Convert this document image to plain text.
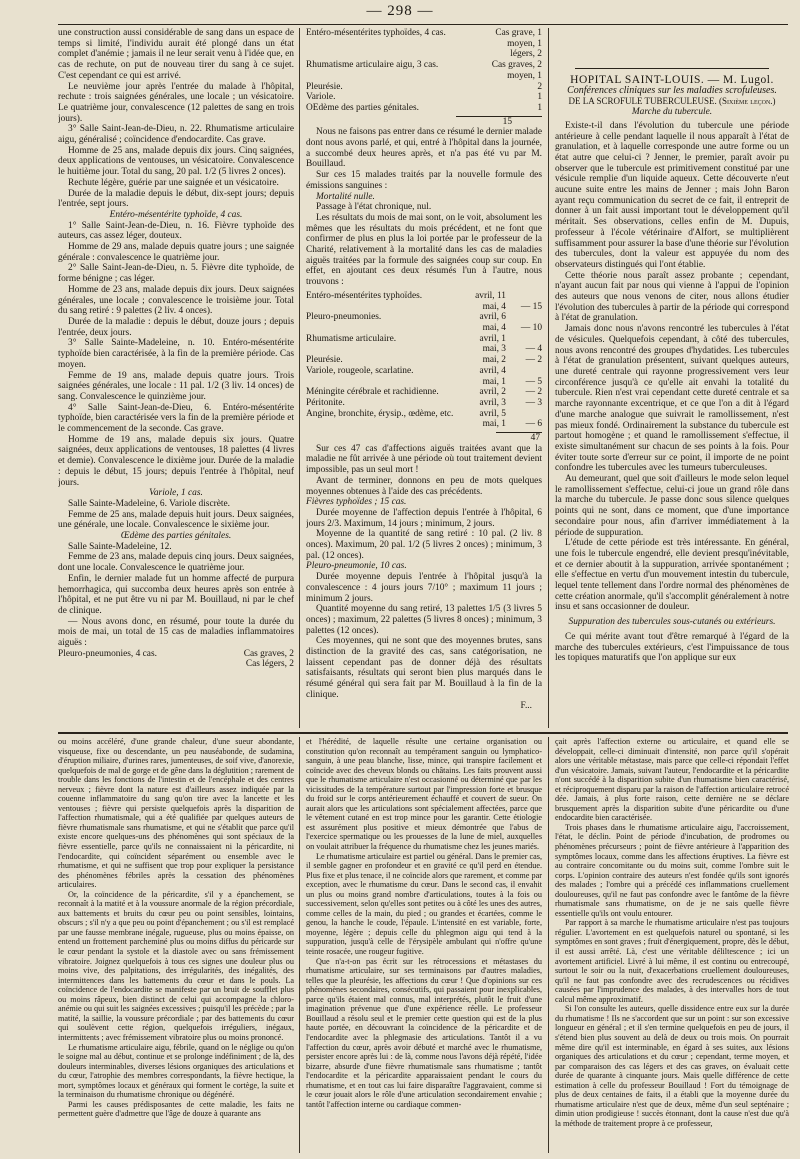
— 298 —

une construction aussi considérable de sang dans un espace de temps si limité, l'individu aurait été plongé dans un état complet d'anémie ; jamais il ne leur serait venu à l'idée que, en cas de rechute, on put de nouveau tirer du sang à ce sujet. C'est cependant ce qui est arrivé.

Le neuvième jour après l'entrée du malade à l'hôpital, rechute : trois saignées générales, une locale ; un vésicatoire. Le quatrième jour, convalescence (12 palettes de sang en trois jours).

3° Salle Saint-Jean-de-Dieu, n. 22. Rhumatisme articulaire aigu, généralisé ; coïncidence d'endocardite. Cas grave.

Homme de 25 ans, malade depuis dix jours. Cinq saignées, deux applications de ventouses, un vésicatoire. Convalescence le huitième jour. Total du sang, 20 pal. 1/2 (5 livres 2 onces).

Rechute légère, guérie par une saignée et un vésicatoire.

Durée de la maladie depuis le début, dix-sept jours; depuis l'entrée, sept jours.

Entéro-mésentérite typhoïde, 4 cas.

1° Salle Saint-Jean-de-Dieu, n. 16. Fièvre typhoïde des auteurs, cas assez léger, douteux.

Homme de 29 ans, malade depuis quatre jours ; une saignée générale : convalescence le quatrième jour.

2° Salle Saint-Jean-de-Dieu, n. 5. Fièvre dite typhoïde, de forme bénigne ; cas léger.

Homme de 23 ans, malade depuis dix jours. Deux saignées générales, une locale ; convalescence le troisième jour. Total du sang retiré : 9 palettes (2 liv. 4 onces).

Durée de la maladie : depuis le début, douze jours ; depuis l'entrée, deux jours.

3° Salle Sainte-Madeleine, n. 10. Entéro-mésentérite typhoïde bien caractérisée, à la fin de la première période. Cas moyen.

Femme de 19 ans, malade depuis quatre jours. Trois saignées générales, une locale : 11 pal. 1/2 (3 liv. 14 onces) de sang. Convalescence le quinzième jour.

4° Salle Saint-Jean-de-Dieu, 6. Entéro-mésentérite typhoïde, bien caractérisée vers la fin de la première période et le commencement de la seconde. Cas grave.

Homme de 19 ans, malade depuis six jours. Quatre saignées, deux applications de ventouses, 18 palettes (4 livres et demie). Convalescence le dixième jour. Durée de la maladie : depuis le début, 15 jours; depuis l'entrée à l'hôpital, neuf jours.

Variole, 1 cas.

Salle Sainte-Madeleine, 6. Variole discrète.

Femme de 25 ans, malade depuis huit jours. Deux saignées, une générale, une locale. Convalescence le sixième jour.

Œdème des parties génitales.

Salle Sainte-Madeleine, 12.

Femme de 23 ans, malade depuis cinq jours. Deux saignées, dont une locale. Convalescence le quatrième jour.

Enfin, le dernier malade fut un homme affecté de purpura hemorrhagica, qui succomba deux heures après son entrée à l'hôpital, et ne put être vu ni par M. Bouillaud, ni par le chef de clinique.

— Nous avons donc, en résumé, pour toute la durée du mois de mai, un total de 15 cas de maladies inflammatoires aiguës :

Pleuro-pneumonies, 4 cas.	Cas graves, 2
	Cas légers, 2
Entéro-mésentérites typhoïdes, 4 cas.	Cas grave, 1
	moyen, 1
	légers, 2
Rhumatisme articulaire aigu, 3 cas.	Cas graves, 2
	moyen, 1
Pleurésie.	2
Variole.	1
OEdème des parties génitales.	1
15

Nous ne faisons pas entrer dans ce résumé le dernier malade dont nous avons parlé, et qui, entré à l'hôpital dans la journée, a succombé deux heures après, et n'a pas été vu par M. Bouillaud.

Sur ces 15 malades traités par la nouvelle formule des émissions sanguines :

Mortalité nulle.

Passage à l'état chronique, nul.

Les résultats du mois de mai sont, on le voit, absolument les mêmes que les résultats du mois précédent, et ne font que confirmer de plus en plus la loi portée par le professeur de la Charité, relativement à la mortalité dans les cas de maladies aiguës traitées par la formule des saignées coup sur coup. En effet, en ajoutant ces deux résumés l'un à l'autre, nous trouvons :

Entéro-mésentérites typhoïdes.	avril, 11	
	mai, 4	— 15
Pleuro-pneumonies.	avril, 6	
	mai, 4	— 10
Rhumatisme articulaire.	avril, 1	
	mai, 3	— 4
Pleurésie.	mai, 2	— 2
Variole, rougeole, scarlatine.	avril, 4	
	mai, 1	— 5
Méningite cérébrale et rachidienne.	avril, 2	— 2
Péritonite.	avril, 3	— 3
Angine, bronchite, érysip., œdème, etc.	avril, 5	
	mai, 1	— 6
47

Sur ces 47 cas d'affections aiguës traitées avant que la maladie ne fût arrivée à une période où tout traitement devient impossible, pas un seul mort !

Avant de terminer, donnons en peu de mots quelques moyennes obtenues à l'aide des cas précédents.

Fièvres typhoïdes ; 15 cas.

Durée moyenne de l'affection depuis l'entrée à l'hôpital, 6 jours 2/3. Maximum, 14 jours ; minimum, 2 jours.

Moyenne de la quantité de sang retiré : 10 pal. (2 liv. 8 onces). Maximum, 20 pal. 1/2 (5 livres 2 onces) ; minimum, 3 pal. (12 onces).

Pleuro-pneumonie, 10 cas.

Durée moyenne depuis l'entrée à l'hôpital jusqu'à la convalescence : 4 jours jours 7/10° ; maximum 11 jours ; minimum 2 jours.

Quantité moyenne du sang retiré, 13 palettes 1/5 (3 livres 5 onces) ; maximum, 22 palettes (5 livres 8 onces) ; minimum, 3 palettes (12 onces).

Ces moyennes, qui ne sont que des moyennes brutes, sans distinction de la gravité des cas, sans catégorisation, ne laissent cependant pas de donner déjà des résultats satisfaisants, résultats qui seront bien plus marqués dans le résumé général qui sera fait par M. Bouillaud à la fin de la clinique.

F...

HOPITAL SAINT-LOUIS. — M. Lugol.

Conférences cliniques sur les maladies scrofuleuses.

DE LA SCROFULE TUBERCULEUSE. (Sixième leçon.)

Marche du tubercule.

Existe-t-il dans l'évolution du tubercule une période antérieure à celle pendant laquelle il nous apparaît à l'état de granulation, et à laquelle corresponde une autre forme ou un état autre que celui-ci ? Jenner, le premier, paraît avoir pu observer que le tubercule est primitivement constitué par une vésicule remplie d'un liquide aqueux. Cette découverte n'eut aucune suite entre les mains de Jenner ; mais John Baron ayant reçu communication du secret de ce fait, il entreprit de donner à un fait aussi important tout le développement qu'il méritait. Ses observations, celles enfin de M. Dupuis, professeur à l'école vétérinaire d'Alfort, se multiplièrent suffisamment pour assurer la base d'une théorie sur l'évolution des tubercules, dont la valeur est appuyée du nom des observateurs distingués qui l'ont établie.

Cette théorie nous paraît assez probante ; cependant, n'ayant aucun fait par nous qui vienne à l'appui de l'opinion des auteurs que nous venons de citer, nous allons étudier l'évolution des tubercules à partir de la période qui correspond à l'état de granulation.

Jamais donc nous n'avons rencontré les tubercules à l'état de vésicules. Quelquefois cependant, à côté des tubercules, nous avons rencontré des groupes d'hydatides. Les tubercules à l'état de granulation présentent, suivant quelques auteurs, une dureté centrale qui rayonne progressivement vers leur circonférence jusqu'à ce qu'elle ait envahi la totalité du tubercule. Rien n'est vrai cependant cette dureté centrale et sa marche rayonnante excentrique, et ce que l'on a dit à l'égard d'une marche analogue que suivrait le ramollissement, n'est pas mieux fondé. Ordinairement la substance du tubercule est partout homogène ; et quand le ramollissement s'effectue, il existe simultanément sur chacun de ses points à la fois. Pour éviter toute sorte d'erreur sur ce point, il importe de ne point confondre les tubercules avec les tumeurs tuberculeuses.

Au demeurant, quel que soit d'ailleurs le mode selon lequel le ramollissement s'effectue, celui-ci joue un grand rôle dans la marche du tubercule. Je passe donc sous silence quelques points qui ne sont, dans ce moment, que d'une importance secondaire pour nous, afin d'arriver immédiatement à la période de suppuration.

L'étude de cette période est très intéressante. En général, une fois le tubercule engendré, elle devient presqu'inévitable, et ce dernier aboutit à la suppuration, arrivée spontanément ; elle s'effectue en vertu d'un mouvement intestin du tubercule, lequel tente tellement dans l'ordre normal des phénomènes de cette création anormale, qu'il s'accomplit généralement à notre insu et sans occasionner de douleur.

Suppuration des tubercules sous-cutanés ou extérieurs.

Ce qui mérite avant tout d'être remarqué à l'égard de la marche des tubercules extérieurs, c'est l'impuissance de tous les topiques maturatifs que l'on applique sur eux

ou moins accéléré, d'une grande chaleur, d'une sueur abondante, visqueuse, fixe ou descendante, un peu nauséabonde, de sudamina, d'éruption miliaire, d'urines rares, jumenteuses, de soif vive, d'anorexie, quelquefois de mal de gorge et de gêne dans la déglutition ; rarement de trouble dans les fonctions de l'intestin et de l'encéphale et des centres nerveux ; fièvre dont la nature est d'ailleurs assez indiquée par la couenne inflammatoire du sang qu'on tire avec la lancette et les ventouses ; fièvre qui persiste quelquefois après la disparition de l'affection rhumatismale, qui a été qualifiée par quelques auteurs de fièvre rhumatismale sans rhumatisme, et qui ne s'établit que parce qu'il existe encore quelques-uns des phénomènes qui sont spéciaux de la fièvre essentielle, parce qu'ils ne connaissaient ni la péricardite, ni l'endocardite, qui coïncident séparément ou ensemble avec le rhumatisme, et qui ne suffisent que trop pour expliquer la persistance des phénomènes fébriles après la cessation des phénomènes articulaires.

Or, la coïncidence de la péricardite, s'il y a épanchement, se reconnaît à la matité et à la voussure anormale de la région précordiale, aux battements et bruits du cœur peu ou point sensibles, lointains, obscurs ; s'il n'y a que peu ou point d'épanchement ; ou s'il est remplacé par une fausse membrane inégale, rugueuse, plus ou moins épaisse, on entend un frottement parcheminé plus ou moins diffus du péricarde sur le cœur pendant la systole et la diastole avec ou sans frémissement vibratoire. Joignez quelquefois à tous ces signes une douleur plus ou moins vive, des palpitations, des irrégularités, des inégalités, des intermittences dans les battements du cœur et dans le pouls. La coïncidence de l'endocardite se manifeste par un bruit de soufflet plus ou moins râpeux, bien distinct de celui qui accompagne la chloro-anémie ou qui suit les saignées excessives ; puisqu'il les précède ; par la matité, la saillie, la voussure précordiale ; par des battements du cœur qui soulèvent cette région, quelquefois irréguliers, inégaux, intermittents ; avec frémissement vibratoire plus ou moins prononcé.

Le rhumatisme articulaire aigu, fébrile, quand on le néglige ou qu'on le soigne mal au début, continue et se prolonge indéfiniment ; de là, des douleurs interminables, diverses lésions organiques des articulations et du cœur, l'atrophie des membres correspondants, la fièvre hectique, la mort, symptômes locaux et généraux qui forment le cortège, la suite et la terminaison du rhumatisme chronique ou dégénéré.

Parmi les causes prédisposantes de cette maladie, les faits ne permettent guère d'admettre que l'âge de douze à quarante ans

et l'hérédité, de laquelle résulte une certaine organisation ou constitution qu'on reconnaît au tempérament sanguin ou lymphatico-sanguin, à une peau blanche, lisse, mince, qui transpire facilement et coïncide avec des cheveux blonds ou châtains. Les faits prouvent aussi que le rhumatisme articulaire n'est occasionné ou déterminé que par les vicissitudes de la température surtout par l'impression forte et brusque du froid sur le corps antérieurement échauffé et couvert de sueur. On aurait alors que les articulations sont spécialement affectées, parce que le vêtement cutané en est trop mince pour les garantir. Cette étiologie est assurément plus positive et mieux démontrée que l'abus de l'exercice spermatique ou les prouesses de la lune de miel, auxquelles on voulait attribuer la fréquence du rhumatisme chez les jeunes mariés.

Le rhumatisme articulaire est partiel ou général. Dans le premier cas, il semble gagner en profondeur et en gravité ce qu'il perd en étendue. Plus fixe et plus tenace, il ne coïncide alors que rarement, et comme par exception, avec le rhumatisme du cœur. Dans le second cas, il envahit un plus ou moins grand nombre d'articulations, toutes à la fois ou successivement, selon qu'elles sont petites ou à côté les unes des autres, comme celles de la main, du pied ; ou grandes et écartées, comme le genou, la hanche le coude, l'épaule. L'intensité en est variable, forte, moyenne, légère ; depuis celle du phlegmon aigu qui tend à la suppuration, jusqu'à celle de l'érysipèle ambulant qui n'offre qu'une teinte rosacée, une rougeur fugitive.

Que n'a-t-on pas écrit sur les rétrocessions et métastases du rhumatisme articulaire, sur ses terminaisons par d'autres maladies, telles que la pleurésie, les affections du cœur ! Que d'opinions sur ces phénomènes secondaires, consécutifs, qui passaient pour inexplicables, parce qu'ils étaient mal connus, mal interprétés, plutôt le fruit d'une imagination prévenue que d'une expérience réelle. Le professeur Bouillaud a résolu seul et le premier cette question qui est de la plus haute portée, en découvrant la coïncidence de la péricardite et de l'endocardite avec la phlegmasie des articulations. Tantôt il a vu l'affection du cœur, après avoir débuté et marché avec le rhumatisme, persister encore après lui : de là, comme nous l'avons déjà répété, l'idée bizarre, absurde d'une fièvre rhumatismale sans rhumatisme ; tantôt l'endocardite et la péricardite apparaissaient pendant le cours du rhumatisme, et en tout cas lui faire disparaître l'aggravaient, comme si le cœur jouait alors le rôle d'une articulation secondairement envahie ; tantôt l'affection interne ou cardiaque commen-

çait après l'affection externe ou articulaire, et quand elle se développait, celle-ci diminuait d'intensité, non parce qu'il s'opérait alors une véritable métastase, mais parce que celle-ci répondait l'effet d'un vésicatoire. Jamais, suivant l'auteur, l'endocardite et la péricardite n'ont succédé à la disparition subite d'un rhumatisme bien caractérisé, et réciproquement disparu par la raison de l'affection articulaire retrocé dée. Jamais, à plus forte raison, cette dernière ne se déclare brusquement après la disparition subite d'une péricardite ou d'une endocardite bien caractérisée.

Trois phases dans le rhumatisme articulaire aigu, l'accroissement, l'état, le déclin. Point de période d'incubation, de prodromes ou phénomènes précurseurs ; point de fièvre antérieure à l'apparition des symptômes locaux, comme dans les affections éruptives. La fièvre est au contraire concomitante ou du moins suit, comme l'ombre suit le corps. L'opinion contraire des auteurs n'est fondée qu'ils sont ignorés des malades ; l'ombre qui a précédé ces inflammations cruellement douloureuses, qu'il ne faut pas confondre avec le fantôme de la fièvre rhumatismale sans rhumatisme, on de je ne sais quelle fièvre essentielle qu'ils ont voulu entourer.

Par rapport à sa marche le rhumatisme articulaire n'est pas toujours régulier. L'avortement en est quelquefois naturel ou spontané, si les symptômes en sont graves ; fruit d'énergiquement, propre, dès le début, il est aussi arrêté. Là, c'est une véritable déliltescence ; ici un avortement artificiel. Livré à lui même, il est continu ou entrecoupé, surtout le soir ou la nuit, d'exacerbations cruellement douloureuses, qu'il ne faut pas confondre avec des recrudescences ou récidives causées par l'imprudence des malades, à des intervalles hors de tout calcul même approximatif.

Si l'on consulte les auteurs, quelle dissidence entre eux sur la durée du rhumatisme ! Ils ne s'accordent que sur un point : sur son excessive longueur en général ; et il s'en termine quelquefois en peu de jours, il s'étend bien plus souvent au delà de deux ou trois mois. On pourrait même dire qu'il est interminable, en égard à ses suites, aux lésions organiques des articulations et du cœur ; cependant, terme moyen, et par comparaison des cas légers et des cas graves, on évaluait cette durée de quarante à cinquante jours. Mais quelle différence de cette estimation à celle du professeur Bouillaud ! Fort du témoignage de plus de deux centaines de faits, il a établi que la moyenne durée du rhumatisme articulaire n'est que de deux, même d'un seul septénaire ; dimin ution prodigieuse ! succès étonnant, dont la cause n'est due qu'à la méthode de traitement propre à ce professeur,
